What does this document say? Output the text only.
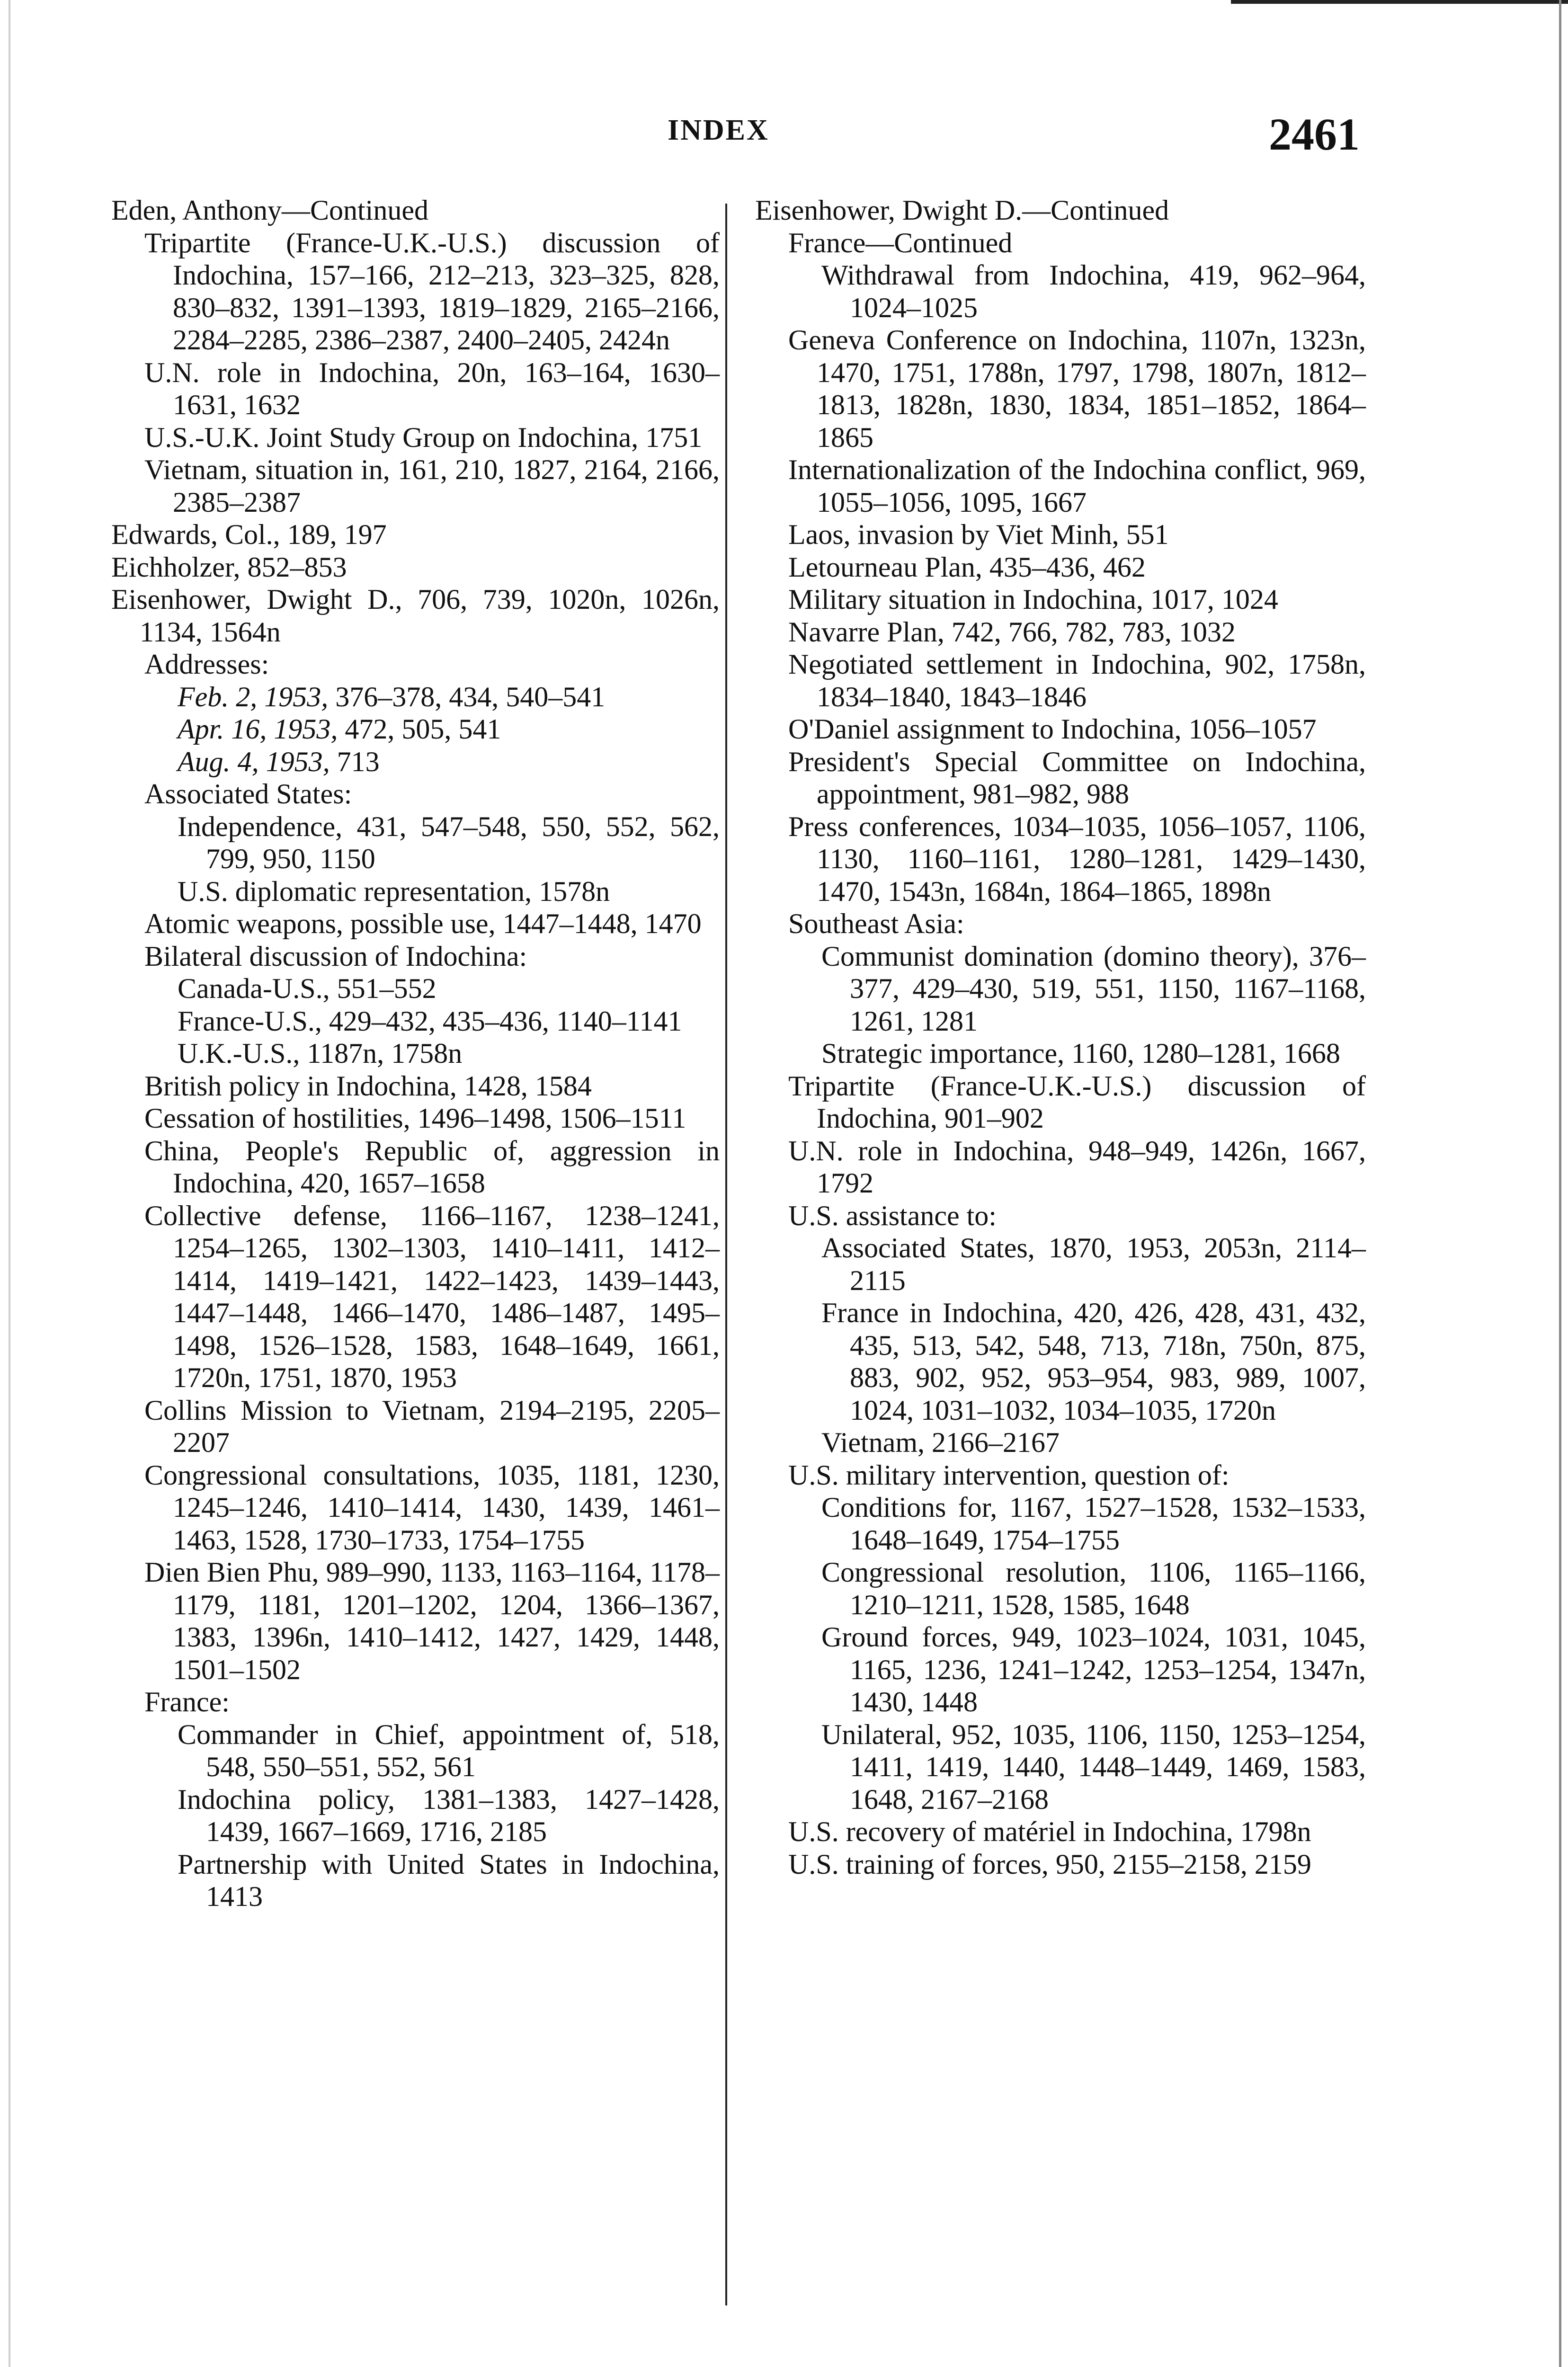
INDEX	2461
Eden, Anthony—Continued
Tripartite (France-U.K.-U.S.) discussion of Indochina, 157–166, 212–213, 323–325, 828, 830–832, 1391–1393, 1819–1829, 2165–2166, 2284–2285, 2386–2387, 2400–2405, 2424n
U.N. role in Indochina, 20n, 163–164, 1630–1631, 1632
U.S.-U.K. Joint Study Group on Indochina, 1751
Vietnam, situation in, 161, 210, 1827, 2164, 2166, 2385–2387
Edwards, Col., 189, 197
Eichholzer, 852–853
Eisenhower, Dwight D., 706, 739, 1020n, 1026n, 1134, 1564n
Addresses:
Feb. 2, 1953, 376–378, 434, 540–541
Apr. 16, 1953, 472, 505, 541
Aug. 4, 1953, 713
Associated States:
Independence, 431, 547–548, 550, 552, 562, 799, 950, 1150
U.S. diplomatic representation, 1578n
Atomic weapons, possible use, 1447–1448, 1470
Bilateral discussion of Indochina:
Canada-U.S., 551–552
France-U.S., 429–432, 435–436, 1140–1141
U.K.-U.S., 1187n, 1758n
British policy in Indochina, 1428, 1584
Cessation of hostilities, 1496–1498, 1506–1511
China, People's Republic of, aggression in Indochina, 420, 1657–1658
Collective defense, 1166–1167, 1238–1241, 1254–1265, 1302–1303, 1410–1411, 1412–1414, 1419–1421, 1422–1423, 1439–1443, 1447–1448, 1466–1470, 1486–1487, 1495–1498, 1526–1528, 1583, 1648–1649, 1661, 1720n, 1751, 1870, 1953
Collins Mission to Vietnam, 2194–2195, 2205–2207
Congressional consultations, 1035, 1181, 1230, 1245–1246, 1410–1414, 1430, 1439, 1461–1463, 1528, 1730–1733, 1754–1755
Dien Bien Phu, 989–990, 1133, 1163–1164, 1178–1179, 1181, 1201–1202, 1204, 1366–1367, 1383, 1396n, 1410–1412, 1427, 1429, 1448, 1501–1502
France:
Commander in Chief, appointment of, 518, 548, 550–551, 552, 561
Indochina policy, 1381–1383, 1427–1428, 1439, 1667–1669, 1716, 2185
Partnership with United States in Indochina, 1413
Eisenhower, Dwight D.—Continued
France—Continued
Withdrawal from Indochina, 419, 962–964, 1024–1025
Geneva Conference on Indochina, 1107n, 1323n, 1470, 1751, 1788n, 1797, 1798, 1807n, 1812–1813, 1828n, 1830, 1834, 1851–1852, 1864–1865
Internationalization of the Indochina conflict, 969, 1055–1056, 1095, 1667
Laos, invasion by Viet Minh, 551
Letourneau Plan, 435–436, 462
Military situation in Indochina, 1017, 1024
Navarre Plan, 742, 766, 782, 783, 1032
Negotiated settlement in Indochina, 902, 1758n, 1834–1840, 1843–1846
O'Daniel assignment to Indochina, 1056–1057
President's Special Committee on Indochina, appointment, 981–982, 988
Press conferences, 1034–1035, 1056–1057, 1106, 1130, 1160–1161, 1280–1281, 1429–1430, 1470, 1543n, 1684n, 1864–1865, 1898n
Southeast Asia:
Communist domination (domino theory), 376–377, 429–430, 519, 551, 1150, 1167–1168, 1261, 1281
Strategic importance, 1160, 1280–1281, 1668
Tripartite (France-U.K.-U.S.) discussion of Indochina, 901–902
U.N. role in Indochina, 948–949, 1426n, 1667, 1792
U.S. assistance to:
Associated States, 1870, 1953, 2053n, 2114–2115
France in Indochina, 420, 426, 428, 431, 432, 435, 513, 542, 548, 713, 718n, 750n, 875, 883, 902, 952, 953–954, 983, 989, 1007, 1024, 1031–1032, 1034–1035, 1720n
Vietnam, 2166–2167
U.S. military intervention, question of:
Conditions for, 1167, 1527–1528, 1532–1533, 1648–1649, 1754–1755
Congressional resolution, 1106, 1165–1166, 1210–1211, 1528, 1585, 1648
Ground forces, 949, 1023–1024, 1031, 1045, 1165, 1236, 1241–1242, 1253–1254, 1347n, 1430, 1448
Unilateral, 952, 1035, 1106, 1150, 1253–1254, 1411, 1419, 1440, 1448–1449, 1469, 1583, 1648, 2167–2168
U.S. recovery of matériel in Indochina, 1798n
U.S. training of forces, 950, 2155–2158, 2159
